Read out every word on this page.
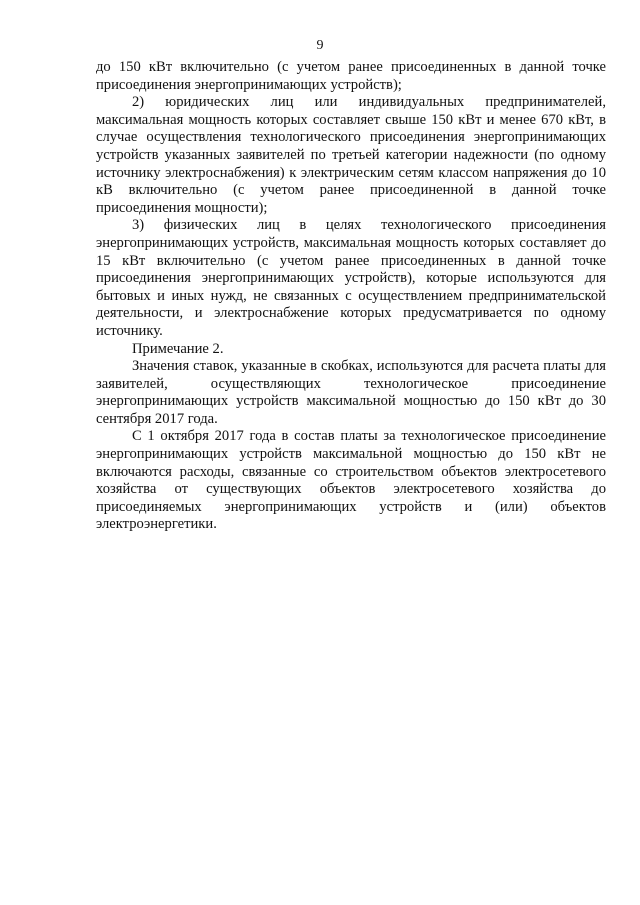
9

до 150 кВт включительно (с учетом ранее присоединенных в данной точке присоединения энергопринимающих устройств);

2) юридических лиц или индивидуальных предпринимателей, максимальная мощность которых составляет свыше 150 кВт и менее 670 кВт, в случае осуществления технологического присоединения энергопринимающих устройств указанных заявителей по третьей категории надежности (по одному источнику электроснабжения) к электрическим сетям классом напряжения до 10 кВ включительно (с учетом ранее присоединенной в данной точке присоединения мощности);

3) физических лиц в целях технологического присоединения энергопринимающих устройств, максимальная мощность которых составляет до 15 кВт включительно (с учетом ранее присоединенных в данной точке присоединения энергопринимающих устройств), которые используются для бытовых и иных нужд, не связанных с осуществлением предпринимательской деятельности, и электроснабжение которых предусматривается по одному источнику.

Примечание 2.

Значения ставок, указанные в скобках, используются для расчета платы для заявителей, осуществляющих технологическое присоединение энергопринимающих устройств максимальной мощностью до 150 кВт до 30 сентября 2017 года.

С 1 октября 2017 года в состав платы за технологическое присоединение энергопринимающих устройств максимальной мощностью до 150 кВт не включаются расходы, связанные со строительством объектов электросетевого хозяйства от существующих объектов электросетевого хозяйства до присоединяемых энергопринимающих устройств и (или) объектов электроэнергетики.
